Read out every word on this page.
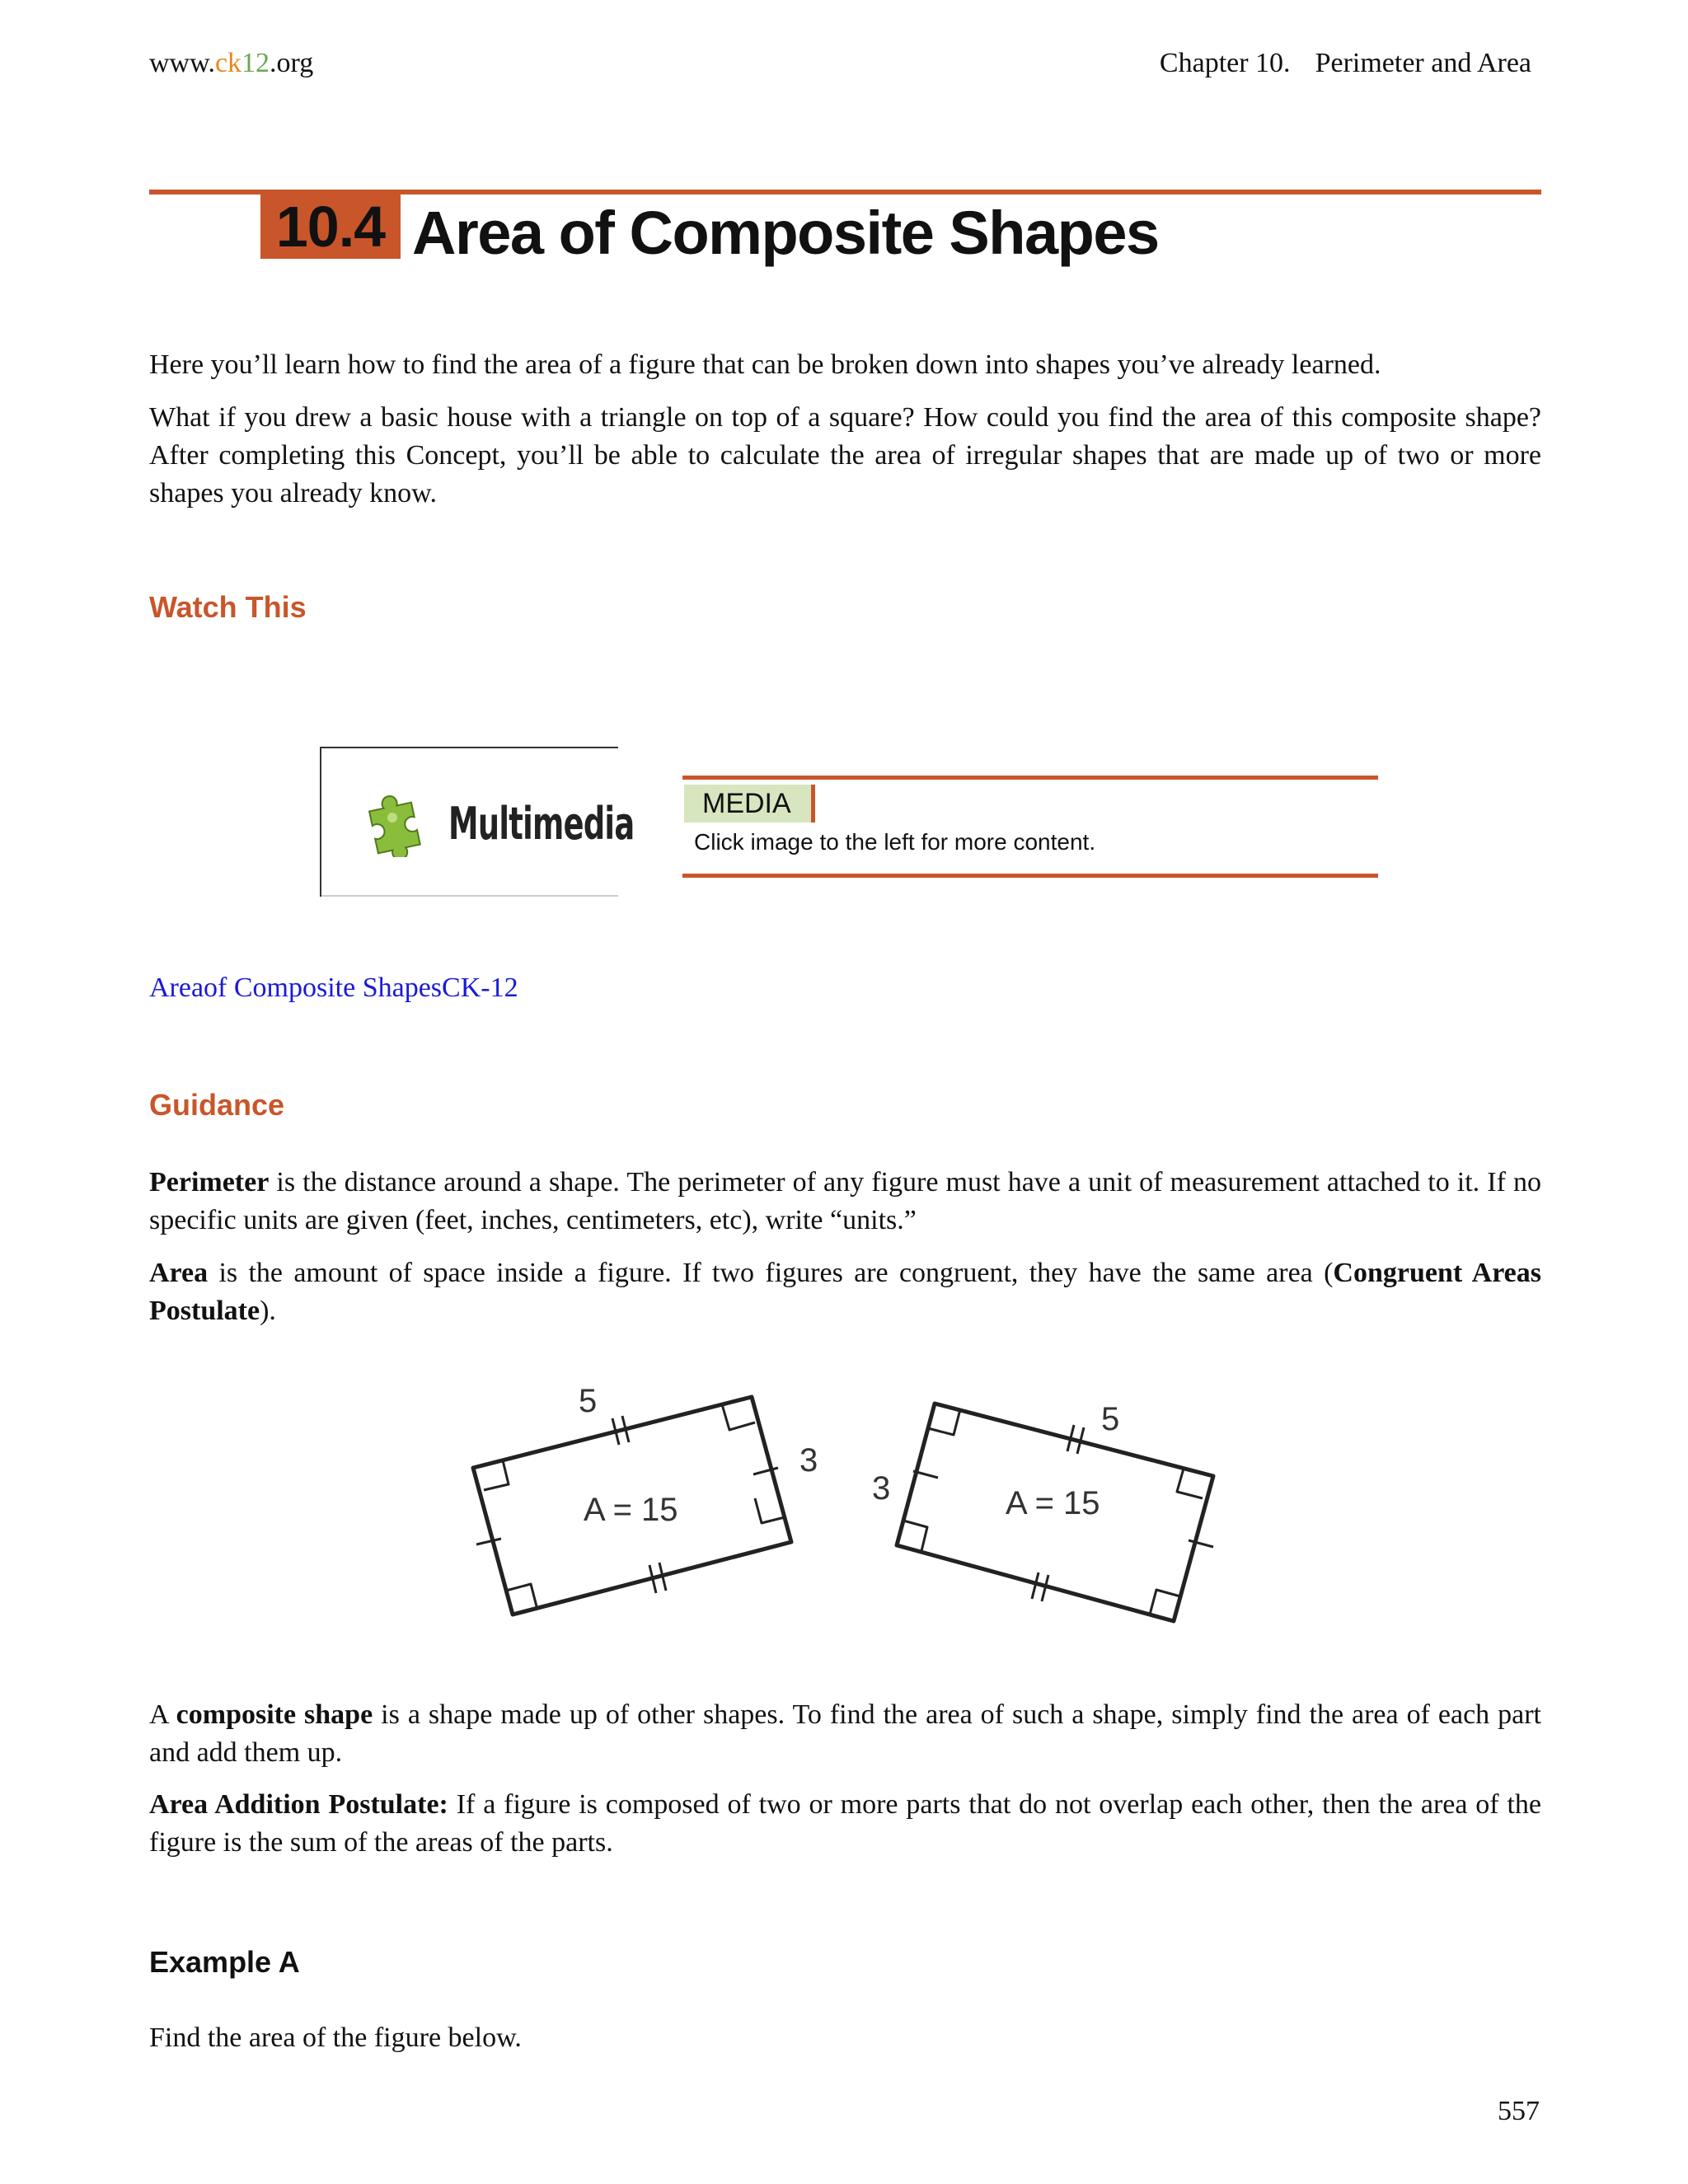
www.ck12.org	Chapter 10. Perimeter and Area
10.4 Area of Composite Shapes
Here you’ll learn how to find the area of a figure that can be broken down into shapes you’ve already learned.
What if you drew a basic house with a triangle on top of a square? How could you find the area of this composite shape? After completing this Concept, you’ll be able to calculate the area of irregular shapes that are made up of two or more shapes you already know.
Watch This
Multimedia	MEDIA
Click image to the left for more content.
Areaof Composite ShapesCK-12
Guidance
Perimeter is the distance around a shape. The perimeter of any figure must have a unit of measurement attached to it. If no specific units are given (feet, inches, centimeters, etc), write “units.”
Area is the amount of space inside a figure. If two figures are congruent, they have the same area (Congruent Areas Postulate).
5
3
A = 15
3
5
A = 15
A composite shape is a shape made up of other shapes. To find the area of such a shape, simply find the area of each part and add them up.
Area Addition Postulate: If a figure is composed of two or more parts that do not overlap each other, then the area of the figure is the sum of the areas of the parts.
Example A
Find the area of the figure below.
557
